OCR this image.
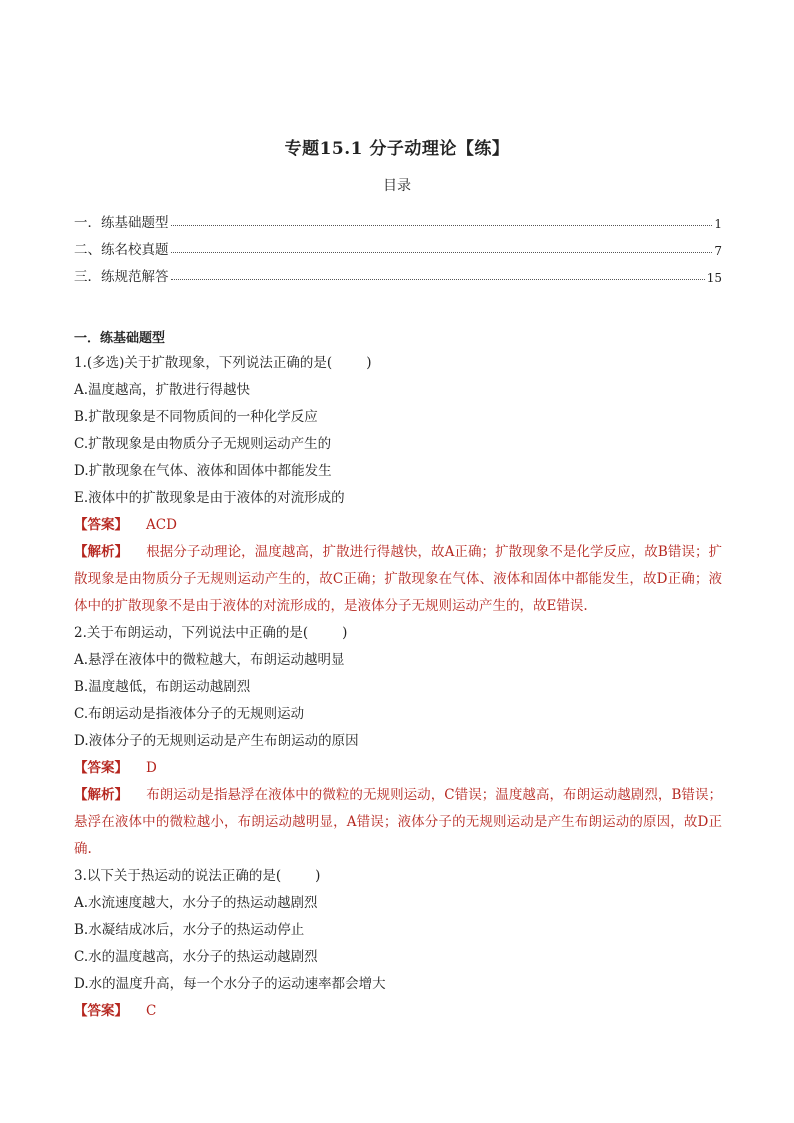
专题15.1 分子动理论【练】
目录
一．练基础题型	1
二、练名校真题	7
三．练规范解答	15
一．练基础题型
1.(多选)关于扩散现象，下列说法正确的是(	)
A.温度越高，扩散进行得越快
B.扩散现象是不同物质间的一种化学反应
C.扩散现象是由物质分子无规则运动产生的
D.扩散现象在气体、液体和固体中都能发生
E.液体中的扩散现象是由于液体的对流形成的
【答案】 ACD
【解析】 根据分子动理论，温度越高，扩散进行得越快，故A正确；扩散现象不是化学反应，故B错误；扩散现象是由物质分子无规则运动产生的，故C正确；扩散现象在气体、液体和固体中都能发生，故D正确；液体中的扩散现象不是由于液体的对流形成的，是液体分子无规则运动产生的，故E错误.
2.关于布朗运动，下列说法中正确的是(	)
A.悬浮在液体中的微粒越大，布朗运动越明显
B.温度越低，布朗运动越剧烈
C.布朗运动是指液体分子的无规则运动
D.液体分子的无规则运动是产生布朗运动的原因
【答案】 D
【解析】 布朗运动是指悬浮在液体中的微粒的无规则运动，C错误；温度越高，布朗运动越剧烈，B错误；悬浮在液体中的微粒越小，布朗运动越明显，A错误；液体分子的无规则运动是产生布朗运动的原因，故D正确.
3.以下关于热运动的说法正确的是(	)
A.水流速度越大，水分子的热运动越剧烈
B.水凝结成冰后，水分子的热运动停止
C.水的温度越高，水分子的热运动越剧烈
D.水的温度升高，每一个水分子的运动速率都会增大
【答案】 C
